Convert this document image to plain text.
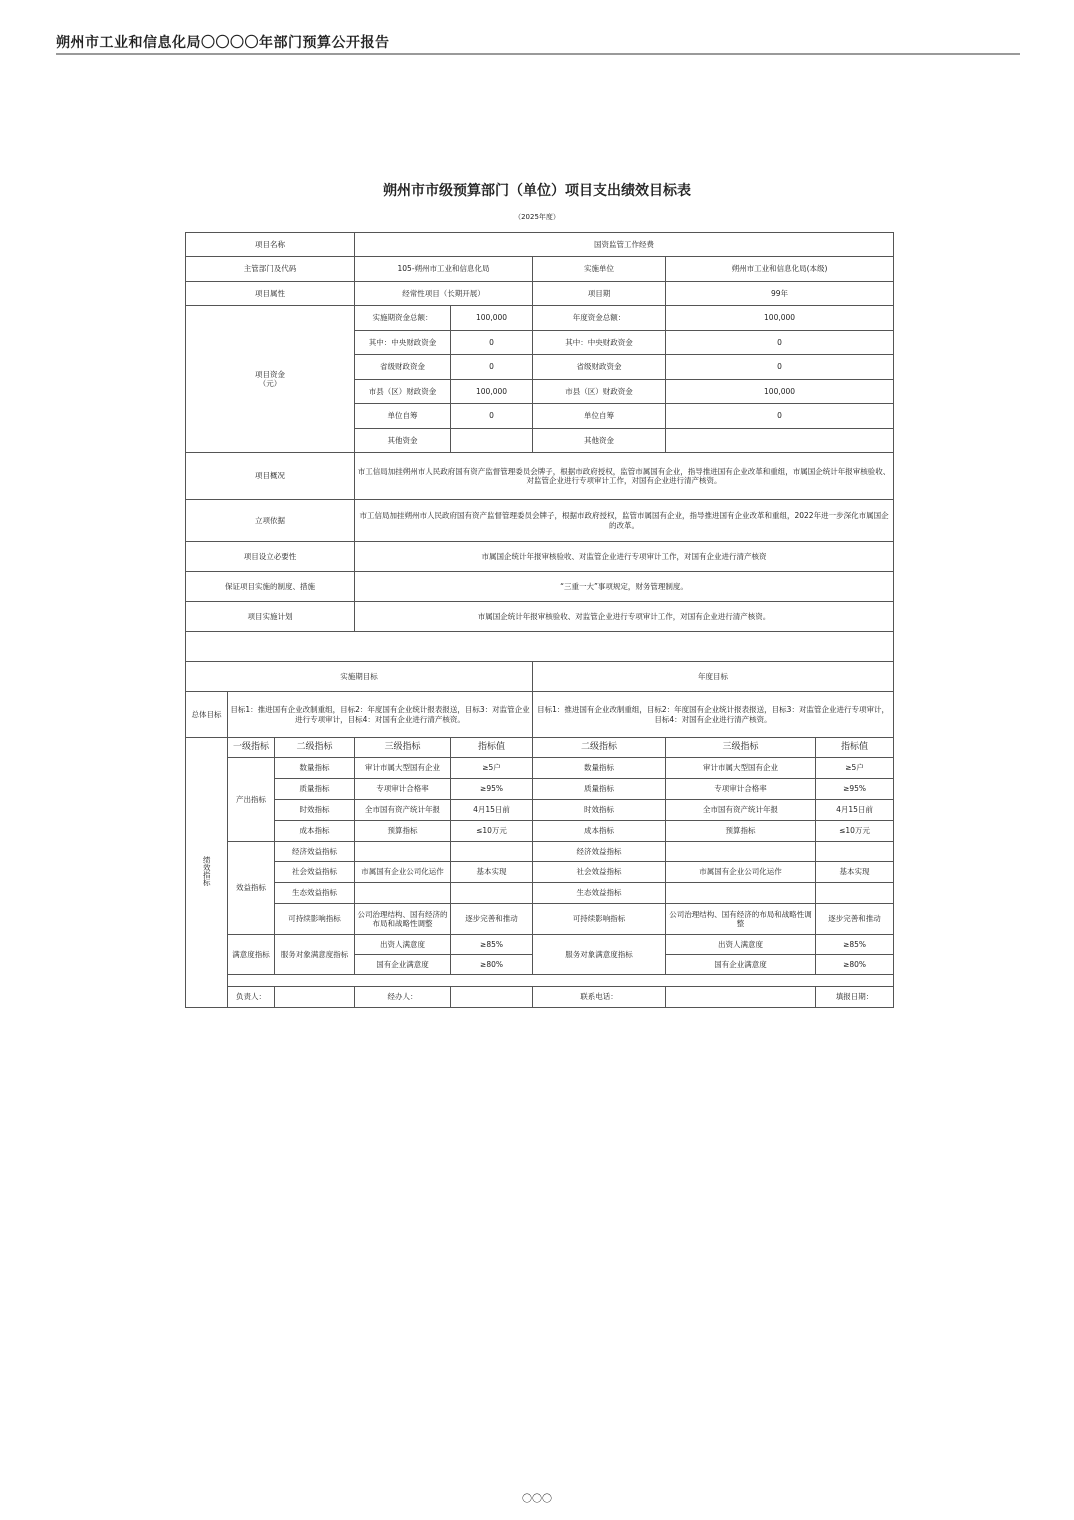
朔州市工业和信息化局〇〇〇〇年部门预算公开报告
朔州市市级预算部门（单位）项目支出绩效目标表
（2025年度）
项目名称			国资监管工作经费					
主管部门及代码			105-朔州市工业和信息化局		实施单位	朔州市工业和信息化局(本级)		
项目属性			经常性项目（长期开展）		项目期	99年		

项目资金
（元）			实施期资金总额：	100,000	年度资金总额：	100,000		
			其中：中央财政资金	0	其中：中央财政资金	0		
			省级财政资金	0	省级财政资金	0		
			市县（区）财政资金	100,000	市县（区）财政资金	100,000		
			单位自筹	0	单位自筹	0		
			其他资金		其他资金			
项目概况			市工信局加挂朔州市人民政府国有资产监督管理委员会牌子，根据市政府授权，监管市属国有企业，指导推进国有企业改革和重组，市属国企统计年报审核验收、对监管企业进行专项审计工作，对国有企业进行清产核资。					
立项依据			市工信局加挂朔州市人民政府国有资产监督管理委员会牌子，根据市政府授权，监管市属国有企业，指导推进国有企业改革和重组，2022年进一步深化市属国企的改革。					
项目设立必要性			市属国企统计年报审核验收、对监管企业进行专项审计工作，对国有企业进行清产核资					
保证项目实施的制度、措施			“三重一大”事项规定，财务管理制度。					
项目实施计划			市属国企统计年报审核验收、对监管企业进行专项审计工作，对国有企业进行清产核资。					

实施期目标					年度目标			
总体目标	目标1：推进国有企业改制重组，目标2：年度国有企业统计报表报送，目标3：对监管企业进行专项审计，目标4：对国有企业进行清产核资。				目标1：推进国有企业改制重组，目标2：年度国有企业统计报表报送，目标3：对监管企业进行专项审计，目标4：对国有企业进行清产核资。			
绩效指标	一级指标	二级指标	三级指标	指标值	二级指标	三级指标	指标值	
	产出指标	数量指标	审计市属大型国有企业	≥5户	数量指标	审计市属大型国有企业	≥5户	
		质量指标	专项审计合格率	≥95%	质量指标	专项审计合格率	≥95%	
		时效指标	全市国有资产统计年报	4月15日前	时效指标	全市国有资产统计年报	4月15日前	
		成本指标	预算指标	≤10万元	成本指标	预算指标	≤10万元	
	效益指标	经济效益指标			经济效益指标			
		社会效益指标	市属国有企业公司化运作	基本实现	社会效益指标	市属国有企业公司化运作	基本实现	
		生态效益指标			生态效益指标			
		可持续影响指标	公司治理结构、国有经济的布局和战略性调整	逐步完善和推动	可持续影响指标	公司治理结构、国有经济的布局和战略性调整	逐步完善和推动	
	满意度指标	服务对象满意度指标	出资人满意度	≥85%	服务对象满意度指标	出资人满意度	≥85%	
			国有企业满意度	≥80%		国有企业满意度	≥80%	

	负责人：		经办人：		联系电话：		填报日期：	
〇〇〇
